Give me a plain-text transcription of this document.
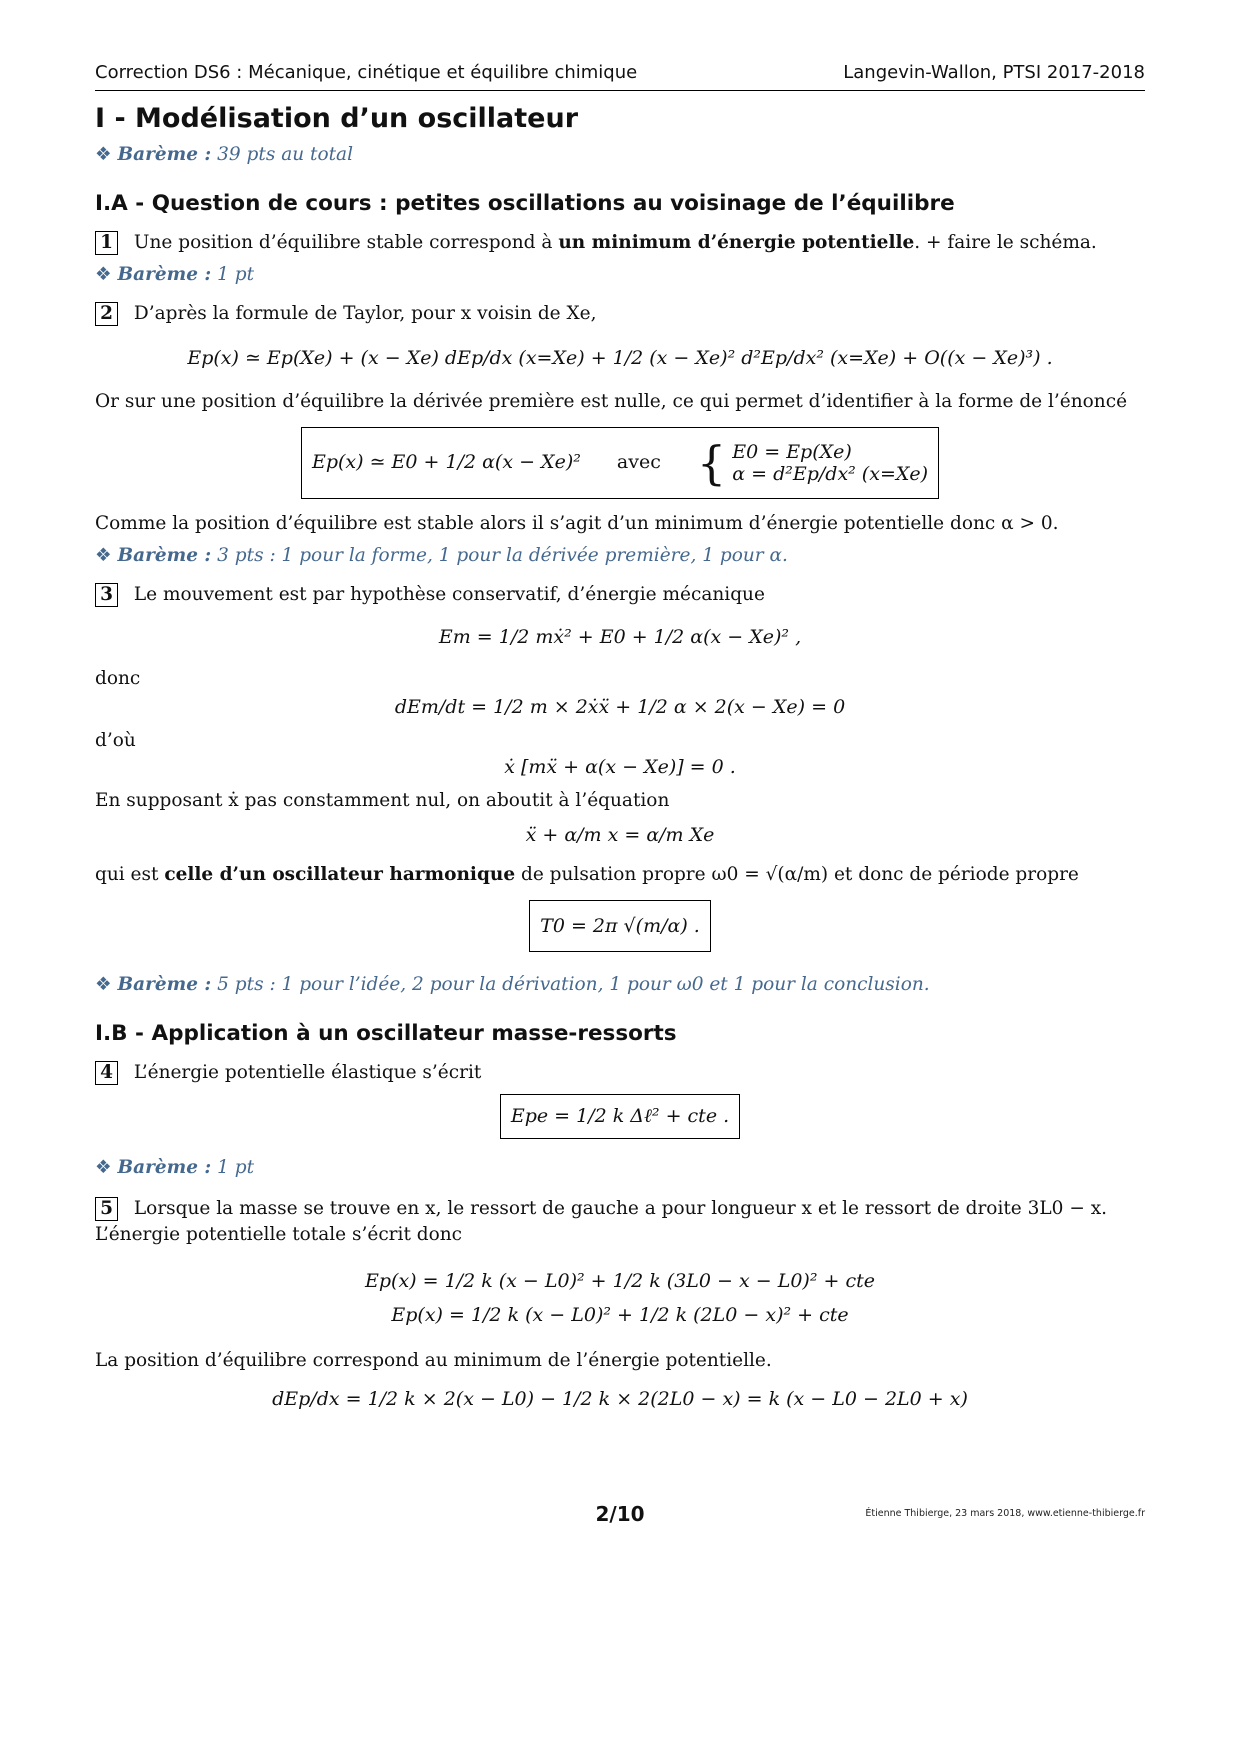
Correction DS6 : Mécanique, cinétique et équilibre chimique	Langevin-Wallon, PTSI 2017-2018
I - Modélisation d’un oscillateur
❖ Barème : 39 pts au total
I.A - Question de cours : petites oscillations au voisinage de l’équilibre

1 Une position d’équilibre stable correspond à un minimum d’énergie potentielle. + faire le schéma.

❖ Barème : 1 pt

2 D’après la formule de Taylor, pour x voisin de Xe,

Ep(x) ≃ Ep(Xe) + (x − Xe) dEp/dx (x=Xe) + 1/2 (x − Xe)² d²Ep/dx² (x=Xe) + O((x − Xe)³) .

Or sur une position d’équilibre la dérivée première est nulle, ce qui permet d’identifier à la forme de l’énoncé

Ep(x) ≃ E0 + 1/2 α(x − Xe)² avec { E0 = Ep(Xe)
α = d²Ep/dx² (x=Xe)

Comme la position d’équilibre est stable alors il s’agit d’un minimum d’énergie potentielle donc α > 0.

❖ Barème : 3 pts : 1 pour la forme, 1 pour la dérivée première, 1 pour α.

3 Le mouvement est par hypothèse conservatif, d’énergie mécanique

Em = 1/2 mẋ² + E0 + 1/2 α(x − Xe)² ,

donc

dEm/dt = 1/2 m × 2ẋẍ + 1/2 α × 2(x − Xe) = 0

d’où

ẋ [mẍ + α(x − Xe)] = 0 .

En supposant ẋ pas constamment nul, on aboutit à l’équation

ẍ + α/m x = α/m Xe

qui est celle d’un oscillateur harmonique de pulsation propre ω0 = √(α/m) et donc de période propre

T0 = 2π √(m/α) .
❖ Barème : 5 pts : 1 pour l’idée, 2 pour la dérivation, 1 pour ω0 et 1 pour la conclusion.
I.B - Application à un oscillateur masse-ressorts

4 L’énergie potentielle élastique s’écrit

Epe = 1/2 k Δℓ² + cte .
❖ Barème : 1 pt

5 Lorsque la masse se trouve en x, le ressort de gauche a pour longueur x et le ressort de droite 3L0 − x. L’énergie potentielle totale s’écrit donc

Ep(x) = 1/2 k (x − L0)² + 1/2 k (3L0 − x − L0)² + cte
Ep(x) = 1/2 k (x − L0)² + 1/2 k (2L0 − x)² + cte

La position d’équilibre correspond au minimum de l’énergie potentielle.

dEp/dx = 1/2 k × 2(x − L0) − 1/2 k × 2(2L0 − x) = k (x − L0 − 2L0 + x)
2/10	Étienne Thibierge, 23 mars 2018, www.etienne-thibierge.fr
